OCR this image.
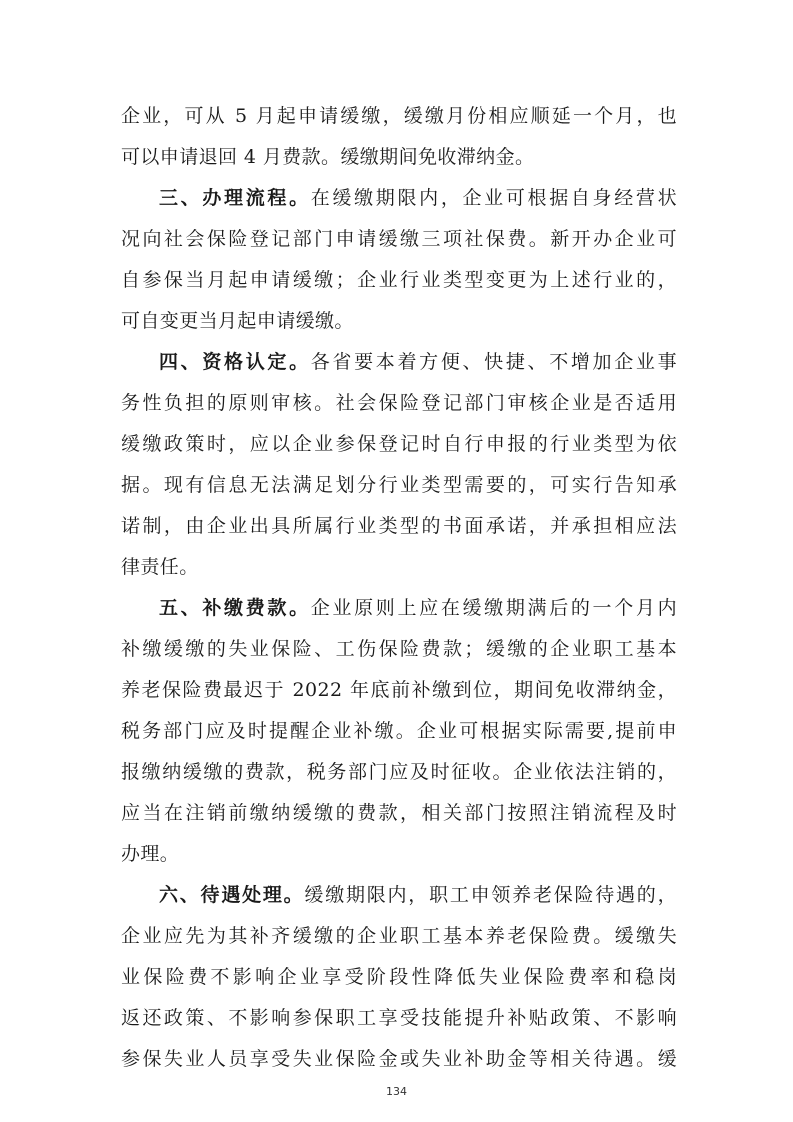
企业，可从 5 月起申请缓缴，缓缴月份相应顺延一个月，也
可以申请退回 4 月费款。缓缴期间免收滞纳金。
三、办理流程。在缓缴期限内，企业可根据自身经营状
况向社会保险登记部门申请缓缴三项社保费。新开办企业可
自参保当月起申请缓缴；企业行业类型变更为上述行业的，
可自变更当月起申请缓缴。
四、资格认定。各省要本着方便、快捷、不增加企业事
务性负担的原则审核。社会保险登记部门审核企业是否适用
缓缴政策时，应以企业参保登记时自行申报的行业类型为依
据。现有信息无法满足划分行业类型需要的，可实行告知承
诺制，由企业出具所属行业类型的书面承诺，并承担相应法
律责任。
五、补缴费款。企业原则上应在缓缴期满后的一个月内
补缴缓缴的失业保险、工伤保险费款；缓缴的企业职工基本
养老保险费最迟于 2022 年底前补缴到位，期间免收滞纳金，
税务部门应及时提醒企业补缴。企业可根据实际需要,提前申
报缴纳缓缴的费款，税务部门应及时征收。企业依法注销的，
应当在注销前缴纳缓缴的费款，相关部门按照注销流程及时
办理。
六、待遇处理。缓缴期限内，职工申领养老保险待遇的，
企业应先为其补齐缓缴的企业职工基本养老保险费。缓缴失
业保险费不影响企业享受阶段性降低失业保险费率和稳岗
返还政策、不影响参保职工享受技能提升补贴政策、不影响
参保失业人员享受失业保险金或失业补助金等相关待遇。缓
134
